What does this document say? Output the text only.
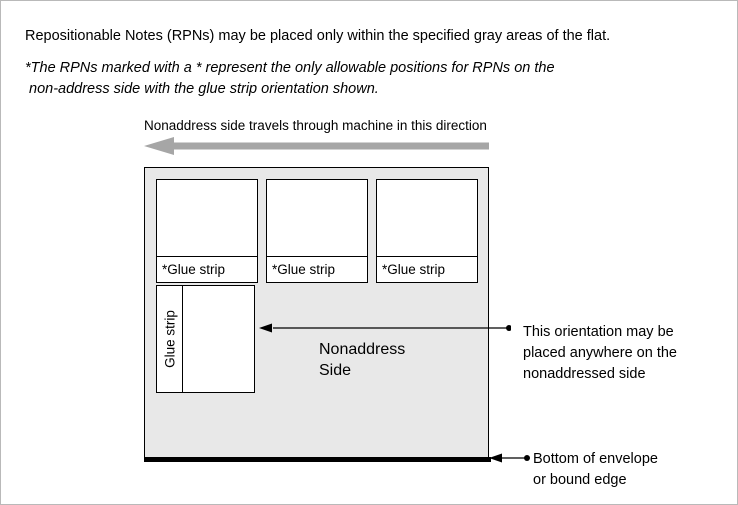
Repositionable Notes (RPNs) may be placed only within the specified gray areas of the flat.
*The RPNs marked with a * represent the only allowable positions for RPNs on the
non-address side with the glue strip orientation shown.
Nonaddress side travels through machine in this direction
*Glue strip	*Glue strip	*Glue strip
Glue strip	Nonaddress
Side
This orientation may be
placed anywhere on the
nonaddressed side
Bottom of envelope
or bound edge
